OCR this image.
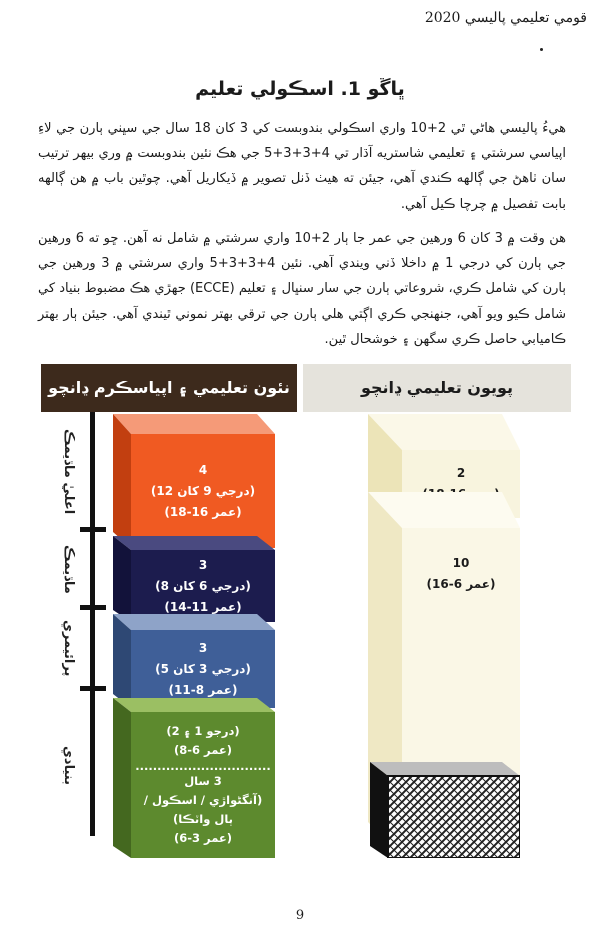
قومي تعليمي پاليسي 2020
ڀاڱو 1. اسڪولي تعليم
هيءُ پاليسي هاڻي ٿي 2+10 واري اسڪولي بندوبست کي 3 کان 18 سال جي سڀني ٻارن جي لاءِ اپياسي سرشتي ۽ تعليمي شاستريه آڌار تي 4+3+3+5 جي هڪ نئين بندوبست ۾ وري بيهر ترتيب سان ٺاهڻ جي ڳالهه ڪندي آهي، جيئن ته هيٺ ڏنل تصوير ۾ ڏيکاريل آهي. چوٿين باب ۾ هن ڳالهه بابت تفصيل ۾ چرچا ڪيل آهي.
هن وقت ۾ 3 کان 6 ورهين جي عمر جا ٻار 2+10 واري سرشتي ۾ شامل نه آهن. ڇو ته 6 ورهين جي ٻارن کي درجي 1 ۾ داخلا ڏني ويندي آهي. نئين 4+3+3+5 واري سرشتي ۾ 3 ورهين جي ٻارن کي شامل ڪري، شروعاتي ٻارن جي سار سنڀال ۽ تعليم (ECCE) جهڙي هڪ مضبوط بنياد کي شامل ڪيو ويو آهي، جنهنجي ڪري اڳتي هلي ٻارن جي ترقي بهتر نموني ٿيندي آهي. جيئن ٻار بهتر ڪاميابي حاصل ڪري سگهن ۽ خوشحال ٿين.
نئون تعليمي ۽ اپياسڪرم ڍانچو	پويون تعليمي ڍانچو
اعليٰ ماڌيمڪ
ماڌيمڪ
پرائيمري
بنيادي
4
(درجي 9 کان 12)
(عمر 16-18)
3
(درجي 6 کان 8)
(عمر 11-14)
3
(درجي 3 کان 5)
(عمر 8-11)
(درجو 1 ۽ 2)
(عمر 6-8)
...............................
3 سال
(آنگڻواڙي / اسڪول / ٻال واٽڪا)
(عمر 3-6)
2
10
(عمر 6-16)
9
